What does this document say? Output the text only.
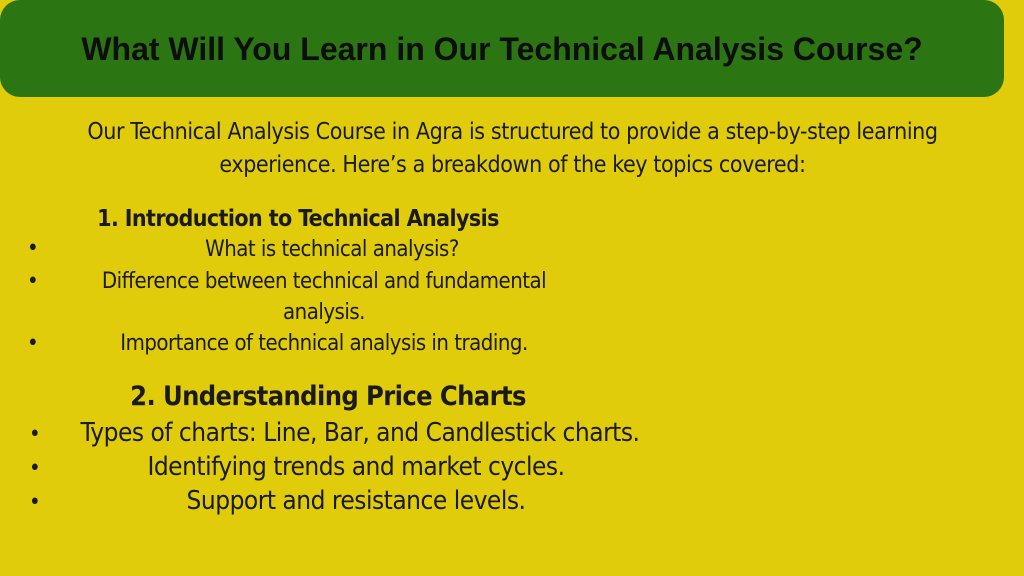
What Will You Learn in Our Technical Analysis Course?

Our Technical Analysis Course in Agra is structured to provide a step-by-step learning experience. Here’s a breakdown of the key topics covered:

1. Introduction to Technical Analysis
•	What is technical analysis?
•	Difference between technical and fundamental analysis.
•	Importance of technical analysis in trading.
2. Understanding Price Charts
•	Types of charts: Line, Bar, and Candlestick charts.
•	Identifying trends and market cycles.
•	Support and resistance levels.
